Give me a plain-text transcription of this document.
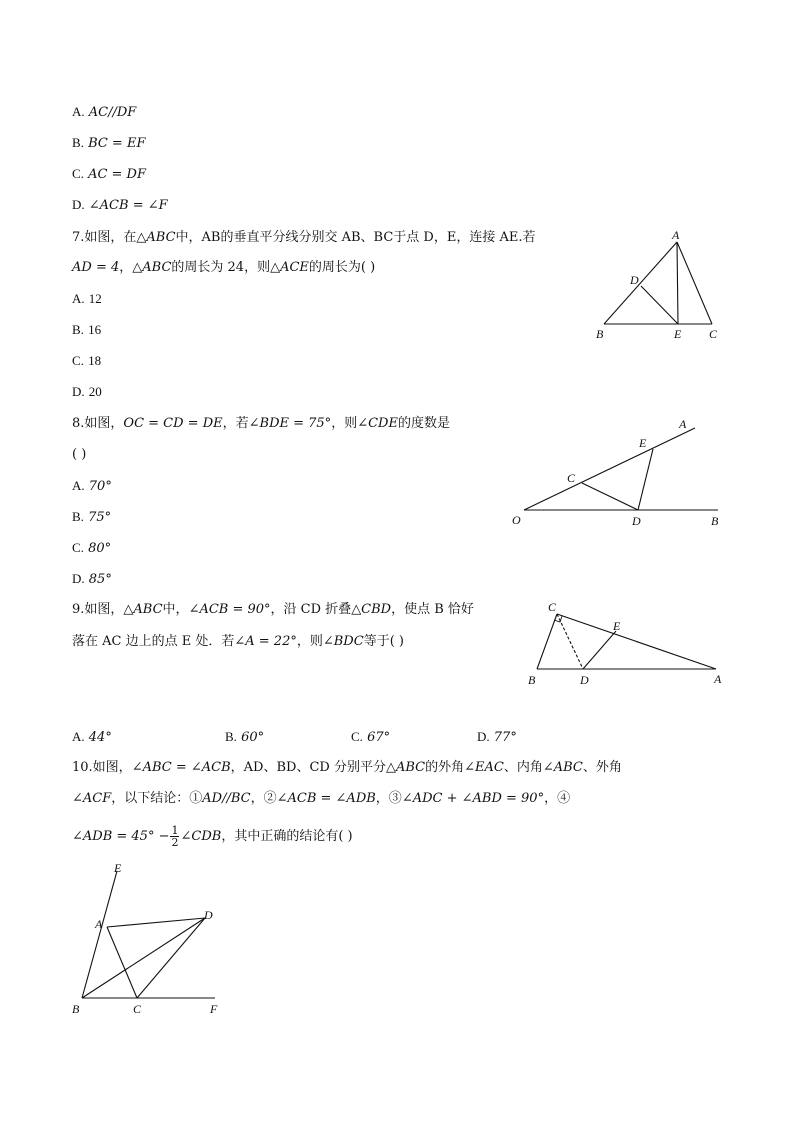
A. AC//DF
B. BC = EF
C. AC = DF
D. ∠ACB = ∠F
7.如图，在△ABC中，AB的垂直平分线分别交 AB、BC于点 D，E，连接 AE.若
AD = 4，△ABC的周长为 24，则△ACE的周长为( )
A. 12
B. 16
C. 18
D. 20
A
D
B	E C
8.如图，OC = CD = DE，若∠BDE = 75°，则∠CDE的度数是
( )
A. 70°
B. 75°
C. 80°
D. 85°
A
E
C
O	D	B
9.如图，△ABC中，∠ACB = 90°，沿 CD 折叠△CBD，使点 B 恰好
落在 AC 边上的点 E 处．若∠A = 22°，则∠BDC等于( )
C
E
B	D	A
A. 44°	B. 60°	C. 67°	D. 77°
10.如图，∠ABC = ∠ACB，AD、BD、CD 分别平分△ABC的外角∠EAC、内角∠ABC、外角
∠ACF，以下结论：①AD//BC，②∠ACB = ∠ADB，③∠ADC + ∠ABD = 90°，④
∠ADB = $45^\circ - \frac{1}{2}$ ∠CDB，其中正确的结论有( )
E
A
D
B	C	F
